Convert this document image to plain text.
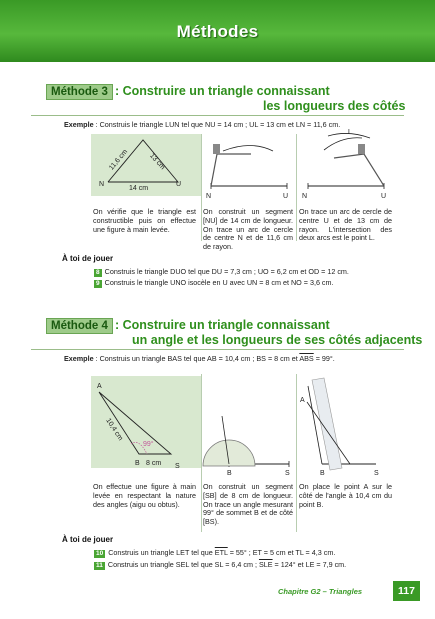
Méthodes
Méthode 3 : Construire un triangle connaissant
les longueurs des côtés
Exemple : Construis le triangle LUN tel que NU = 14 cm ; UL = 13 cm et LN = 11,6 cm.
N	U
14 cm
11,6 cm	13 cm
N	U
L
N	U
On vérifie que le triangle est constructible puis on effectue une figure à main levée.
On construit un segment [NU] de 14 cm de longueur. On trace un arc de cercle de centre N et de 11,6 cm de rayon.
On trace un arc de cercle de centre U et de 13 cm de rayon. L'intersection des deux arcs est le point L.
À toi de jouer
8 Construis le triangle DUO tel que DU = 7,3 cm ; UO = 6,2 cm et OD = 12 cm.
9 Construis le triangle UNO isocèle en U avec UN = 8 cm et NO = 3,6 cm.
Méthode 4 : Construire un triangle connaissant
un angle et les longueurs de ses côtés adjacents
Exemple : Construis un triangle BAS tel que AB = 10,4 cm ; BS = 8 cm et $\overline{ABS} = 99^\circ$.
A
B	S
8 cm
10,4 cm
99°
B	S
A
B	S
On effectue une figure à main levée en respectant la nature des angles (aigu ou obtus).
On construit un segment [SB] de 8 cm de longueur. On trace un angle mesurant 99° de sommet B et de côté [BS).
On place le point A sur le côté de l'angle à 10,4 cm du point B.
À toi de jouer
10 Construis un triangle LET tel que $\overline{ETL} = 55^\circ$ ; ET = 5 cm et TL = 4,3 cm.
11 Construis un triangle SEL tel que SL = 6,4 cm ; $\overline{SLE} = 124^\circ$ et LE = 7,9 cm.
Chapitre G2 – Triangles	117
